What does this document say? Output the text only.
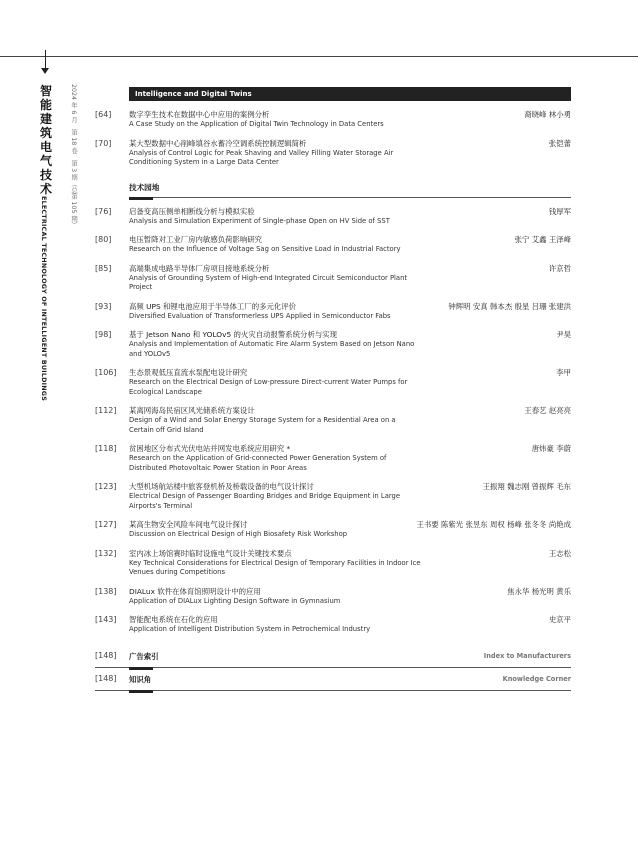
智
能
建
筑
电
气
技
术
ELECTRICAL TECHNOLOGY OF INTELLIGENT BUILDINGS
2024 年 6 月　第 18 卷　第 3 期（总第 105 期）	Intelligence and Digital Twins
[64] 数字孪生技术在数据中心中应用的案例分析
A Case Study on the Application of Digital Twin Technology in Data Centers
裔晓峰 林小勇
[70] 某大型数据中心削峰填谷水蓄冷空调系统控制逻辑简析
Analysis of Control Logic for Peak Shaving and Valley Filling Water Storage Air Conditioning System in a Large Data Center
张铠蕾
技术园地
[76] 启备变高压侧单相断线分析与模拟实验
Analysis and Simulation Experiment of Single-phase Open on HV Side of SST
钱厚军
[80] 电压暂降对工业厂房内敏感负荷影响研究
Research on the Influence of Voltage Sag on Sensitive Load in Industrial Factory
张宁 艾鑫 王泽峰
[85] 高端集成电路半导体厂房项目接地系统分析
Analysis of Grounding System of High-end Integrated Circuit Semiconductor Plant Project
许京哲
[93] 高频 UPS 和锂电池应用于半导体工厂的多元化评价
Diversified Evaluation of Transformerless UPS Applied in Semiconductor Fabs
钟辉明 安真 韩本杰 殷星 吕珊 张建洪
[98] 基于 Jetson Nano 和 YOLOv5 的火灾自动报警系统分析与实现
Analysis and Implementation of Automatic Fire Alarm System Based on Jetson Nano and YOLOv5
尹昊
[106] 生态景观低压直流水泵配电设计研究
Research on the Electrical Design of Low-pressure Direct-current Water Pumps for Ecological Landscape
李甲
[112] 某离网海岛民宿区风光储系统方案设计
Design of a Wind and Solar Energy Storage System for a Residential Area on a Certain off Grid Island
王春艺 赵亮亮
[118] 贫困地区分布式光伏电站并网发电系统应用研究 *
Research on the Application of Grid-connected Power Generation System of Distributed Photovoltaic Power Station in Poor Areas
唐炜豪 李蔚
[123] 大型机场航站楼中旅客登机桥及桥载设备的电气设计探讨
Electrical Design of Passenger Boarding Bridges and Bridge Equipment in Large Airports's Terminal
王振翔 魏志刚 曾振辉 毛东
[127] 某高生物安全风险车间电气设计探讨
Discussion on Electrical Design of High Biosafety Risk Workshop
王书要 陈紫光 张昱东 周权 杨峰 张冬冬 尚艳成
[132] 室内冰上场馆赛时临时设施电气设计关键技术要点
Key Technical Considerations for Electrical Design of Temporary Facilities in Indoor Ice Venues during Competitions
王志松
[138] DIALux 软件在体育馆照明设计中的应用
Application of DIALux Lighting Design Software in Gymnasium
焦永华 杨光明 黄乐
[143] 智能配电系统在石化的应用
Application of Intelligent Distribution System in Petrochemical Industry
史京平
[148] 广告索引	Index to Manufacturers
[148] 知识角	Knowledge Corner
